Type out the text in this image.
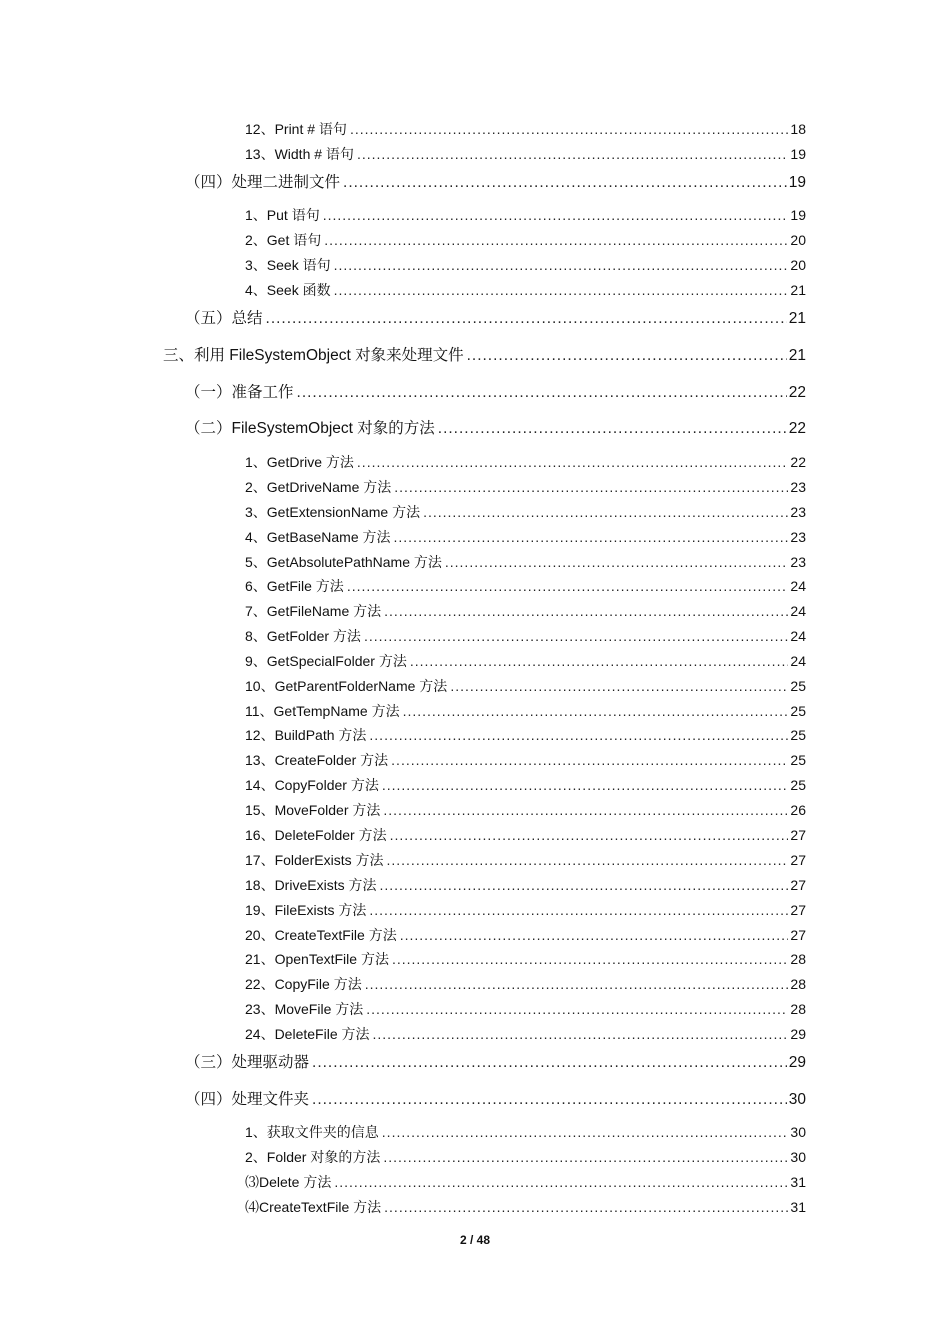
12、Print # 语句 .....	18
13、Width # 语句 .....	19
（四）处理二进制文件 .....	19
1、Put 语句 .....	19
2、Get 语句 .....	20
3、Seek 语句 .....	20
4、Seek 函数 .....	21
（五）总结 .....	21
三、利用 FileSystemObject 对象来处理文件 .....	21
（一）准备工作 .....	22
（二）FileSystemObject 对象的方法 .....	22
1、GetDrive 方法 .....	22
2、GetDriveName 方法 .....	23
3、GetExtensionName 方法 .....	23
4、GetBaseName 方法 .....	23
5、GetAbsolutePathName 方法 .....	23
6、GetFile 方法 .....	24
7、GetFileName 方法 .....	24
8、GetFolder 方法 .....	24
9、GetSpecialFolder 方法 .....	24
10、GetParentFolderName 方法 .....	25
11、GetTempName 方法 .....	25
12、BuildPath 方法 .....	25
13、CreateFolder 方法 .....	25
14、CopyFolder 方法 .....	25
15、MoveFolder 方法 .....	26
16、DeleteFolder 方法 .....	27
17、FolderExists 方法 .....	27
18、DriveExists 方法 .....	27
19、FileExists 方法 .....	27
20、CreateTextFile 方法 .....	27
21、OpenTextFile 方法 .....	28
22、CopyFile 方法 .....	28
23、MoveFile 方法 .....	28
24、DeleteFile 方法 .....	29
（三）处理驱动器 .....	29
（四）处理文件夹 .....	30
1、获取文件夹的信息 .....	30
2、Folder 对象的方法 .....	30
⑶Delete 方法 .....	31
⑷CreateTextFile 方法 .....	31
2 / 48
